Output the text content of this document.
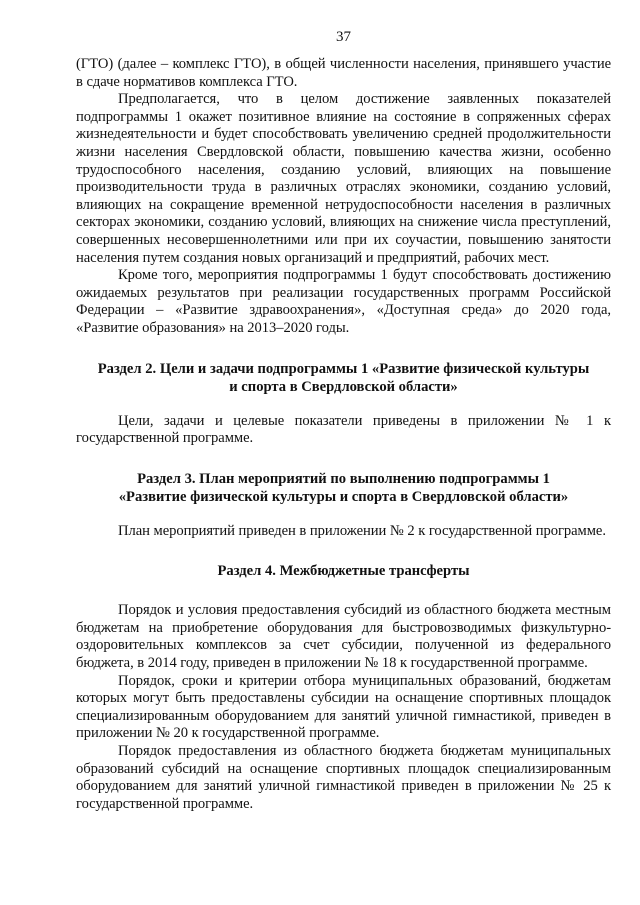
37

(ГТО) (далее – комплекс ГТО), в общей численности населения, принявшего участие в сдаче нормативов комплекса ГТО.

Предполагается, что в целом достижение заявленных показателей подпрограммы 1 окажет позитивное влияние на состояние в сопряженных сферах жизнедеятельности и будет способствовать увеличению средней продолжительности жизни населения Свердловской области, повышению качества жизни, особенно трудоспособного населения, созданию условий, влияющих на повышение производительности труда в различных отраслях экономики, созданию условий, влияющих на сокращение временной нетрудоспособности населения в различных секторах экономики, созданию условий, влияющих на снижение числа преступлений, совершенных несовершеннолетними или при их соучастии, повышению занятости населения путем создания новых организаций и предприятий, рабочих мест.

Кроме того, мероприятия подпрограммы 1 будут способствовать достижению ожидаемых результатов при реализации государственных программ Российской Федерации – «Развитие здравоохранения», «Доступная среда» до 2020 года, «Развитие образования» на 2013–2020 годы.

Раздел 2. Цели и задачи подпрограммы 1 «Развитие физической культуры

и спорта в Свердловской области»

Цели, задачи и целевые показатели приведены в приложении № 1 к государственной программе.

Раздел 3. План мероприятий по выполнению подпрограммы 1

«Развитие физической культуры и спорта в Свердловской области»

План мероприятий приведен в приложении № 2 к государственной программе.

Раздел 4. Межбюджетные трансферты

Порядок и условия предоставления субсидий из областного бюджета местным бюджетам на приобретение оборудования для быстровозводимых физкультурно-оздоровительных комплексов за счет субсидии, полученной из федерального бюджета, в 2014 году, приведен в приложении № 18 к государственной программе.

Порядок, сроки и критерии отбора муниципальных образований, бюджетам которых могут быть предоставлены субсидии на оснащение спортивных площадок специализированным оборудованием для занятий уличной гимнастикой, приведен в приложении № 20 к государственной программе.

Порядок предоставления из областного бюджета бюджетам муниципальных образований субсидий на оснащение спортивных площадок специализированным оборудованием для занятий уличной гимнастикой приведен в приложении № 25 к государственной программе.
